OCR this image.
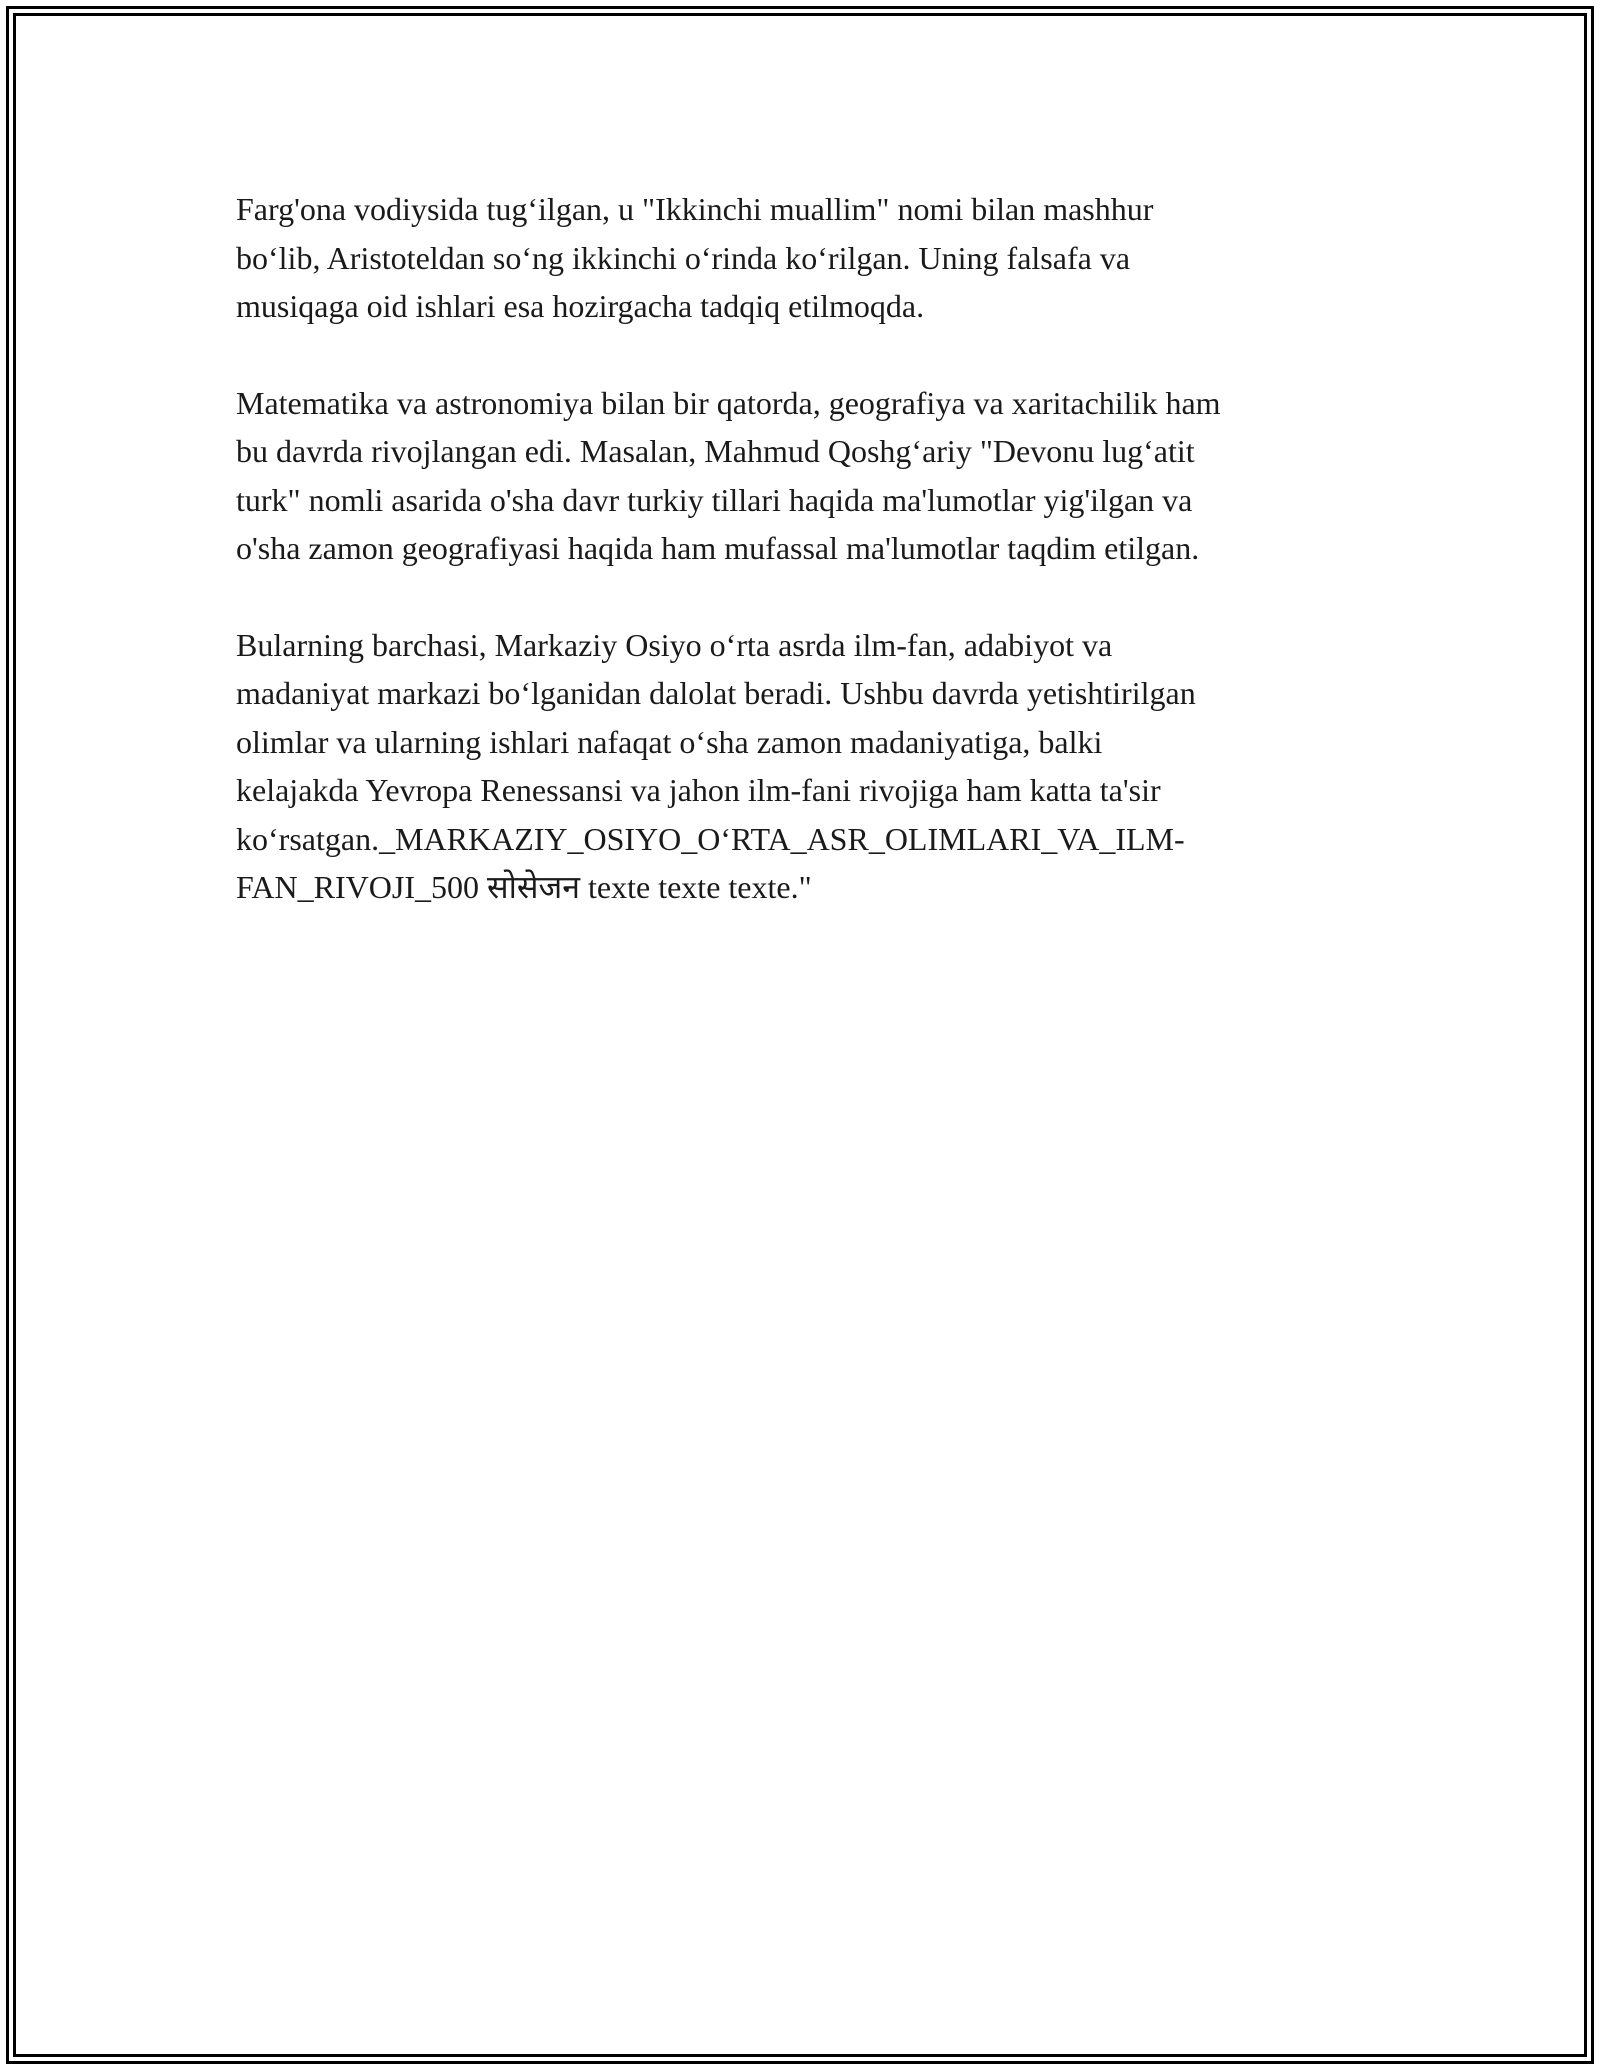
Farg'ona vodiysida tug‘ilgan, u "Ikkinchi muallim" nomi bilan mashhur
bo‘lib, Aristoteldan so‘ng ikkinchi o‘rinda ko‘rilgan. Uning falsafa va
musiqaga oid ishlari esa hozirgacha tadqiq etilmoqda.

Matematika va astronomiya bilan bir qatorda, geografiya va xaritachilik ham
bu davrda rivojlangan edi. Masalan, Mahmud Qoshg‘ariy "Devonu lug‘atit
turk" nomli asarida o'sha davr turkiy tillari haqida ma'lumotlar yig'ilgan va
o'sha zamon geografiyasi haqida ham mufassal ma'lumotlar taqdim etilgan.

Bularning barchasi, Markaziy Osiyo o‘rta asrda ilm-fan, adabiyot va
madaniyat markazi bo‘lganidan dalolat beradi. Ushbu davrda yetishtirilgan
olimlar va ularning ishlari nafaqat o‘sha zamon madaniyatiga, balki
kelajakda Yevropa Renessansi va jahon ilm-fani rivojiga ham katta ta'sir
ko‘rsatgan._MARKAZIY_OSIYO_O‘RTA_ASR_OLIMLARI_VA_ILM-
FAN_RIVOJI_500 सोसेजन texte texte texte."
